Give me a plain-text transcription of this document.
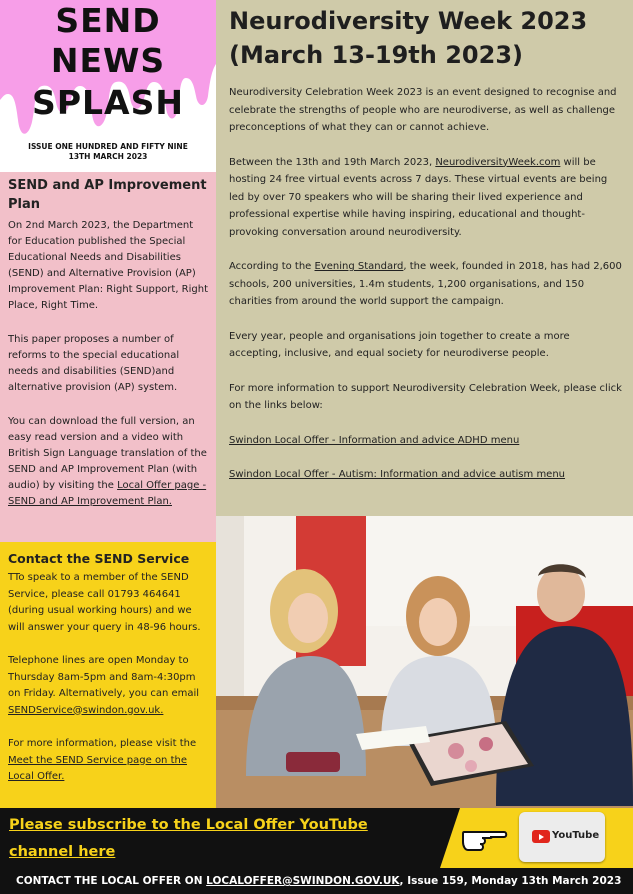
SEND
NEWS
SPLASH
ISSUE ONE HUNDRED AND FIFTY NINE
13TH MARCH 2023
SEND and AP Improvement Plan

On 2nd March 2023, the Department for Education published the Special Educational Needs and Disabilities (SEND) and Alternative Provision (AP) Improvement Plan: Right Support, Right Place, Right Time.

This paper proposes a number of reforms to the special educational needs and disabilities (SEND)and alternative provision (AP) system.

You can download the full version, an easy read version and a video with British Sign Language translation of the SEND and AP Improvement Plan (with audio) by visiting the Local Offer page - SEND and AP Improvement Plan.

Contact the SEND Service

TTo speak to a member of the SEND Service, please call 01793 464641 (during usual working hours) and we will answer your query in 48-96 hours.

Telephone lines are open Monday to Thursday 8am-5pm and 8am-4:30pm on Friday. Alternatively, you can email SENDService@swindon.gov.uk.

For more information, please visit the Meet the SEND Service page on the Local Offer.

Neurodiversity Week 2023 (March 13-19th 2023)

Neurodiversity Celebration Week 2023 is an event designed to recognise and celebrate the strengths of people who are neurodiverse, as well as challenge preconceptions of what they can or cannot achieve.

Between the 13th and 19th March 2023, NeurodiversityWeek.com will be hosting 24 free virtual events across 7 days. These virtual events are being led by over 70 speakers who will be sharing their lived experience and professional expertise while having inspiring, educational and thought-provoking conversation around neurodiversity.

According to the Evening Standard, the week, founded in 2018, has had 2,600 schools, 200 universities, 1.4m students, 1,200 organisations, and 150 charities from around the world support the campaign.

Every year, people and organisations join together to create a more accepting, inclusive, and equal society for neurodiverse people.

For more information to support Neurodiversity Celebration Week, please click on the links below:

Swindon Local Offer - Information and advice ADHD menu

Swindon Local Offer - Autism: Information and advice autism menu

Please subscribe to the Local Offer YouTube channel here
YouTube
CONTACT THE LOCAL OFFER ON LOCALOFFER@SWINDON.GOV.UK, Issue 159, Monday 13th March 2023
